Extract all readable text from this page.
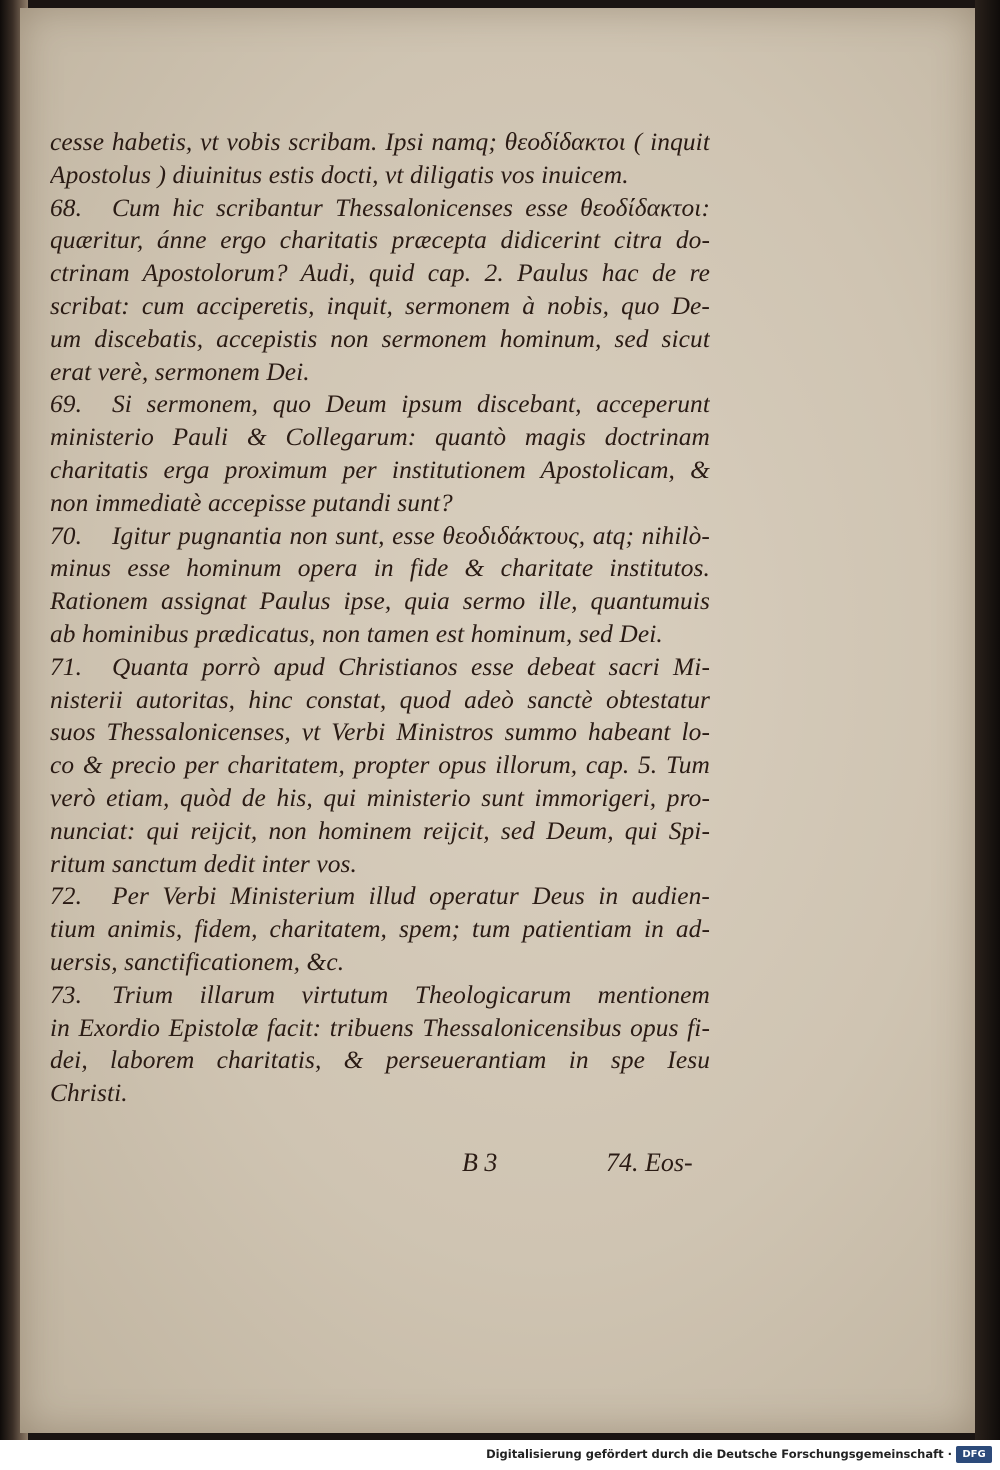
cesse habetis, vt vobis scribam. Ipsi namq; θεοδίδακτοι ( inquit
Apostolus ) diuinitus estis docti, vt diligatis vos inuicem.
68. Cum hic scribantur Thessalonicenses esse θεοδίδακτοι:
quæritur, ánne ergo charitatis præcepta didicerint citra do-
ctrinam Apostolorum? Audi, quid cap. 2. Paulus hac de re
scribat: cum acciperetis, inquit, sermonem à nobis, quo De-
um discebatis, accepistis non sermonem hominum, sed sicut
erat verè, sermonem Dei.
69. Si sermonem, quo Deum ipsum discebant, acceperunt
ministerio Pauli & Collegarum: quantò magis doctrinam
charitatis erga proximum per institutionem Apostolicam, &
non immediatè accepisse putandi sunt?
70. Igitur pugnantia non sunt, esse θεοδιδάκτους, atq; nihilò-
minus esse hominum opera in fide & charitate institutos.
Rationem assignat Paulus ipse, quia sermo ille, quantumuis
ab hominibus prædicatus, non tamen est hominum, sed Dei.
71. Quanta porrò apud Christianos esse debeat sacri Mi-
nisterii autoritas, hinc constat, quod adeò sanctè obtestatur
suos Thessalonicenses, vt Verbi Ministros summo habeant lo-
co & precio per charitatem, propter opus illorum, cap. 5. Tum
verò etiam, quòd de his, qui ministerio sunt immorigeri, pro-
nunciat: qui reijcit, non hominem reijcit, sed Deum, qui Spi-
ritum sanctum dedit inter vos.
72. Per Verbi Ministerium illud operatur Deus in audien-
tium animis, fidem, charitatem, spem; tum patientiam in ad-
uersis, sanctificationem, &c.
73. Trium illarum virtutum Theologicarum mentionem
in Exordio Epistolæ facit: tribuens Thessalonicensibus opus fi-
dei, laborem charitatis, & perseuerantiam in spe Iesu
Christi.
B 3	74. Eos-
Digitalisierung gefördert durch die Deutsche Forschungsgemeinschaft ·	DFG
